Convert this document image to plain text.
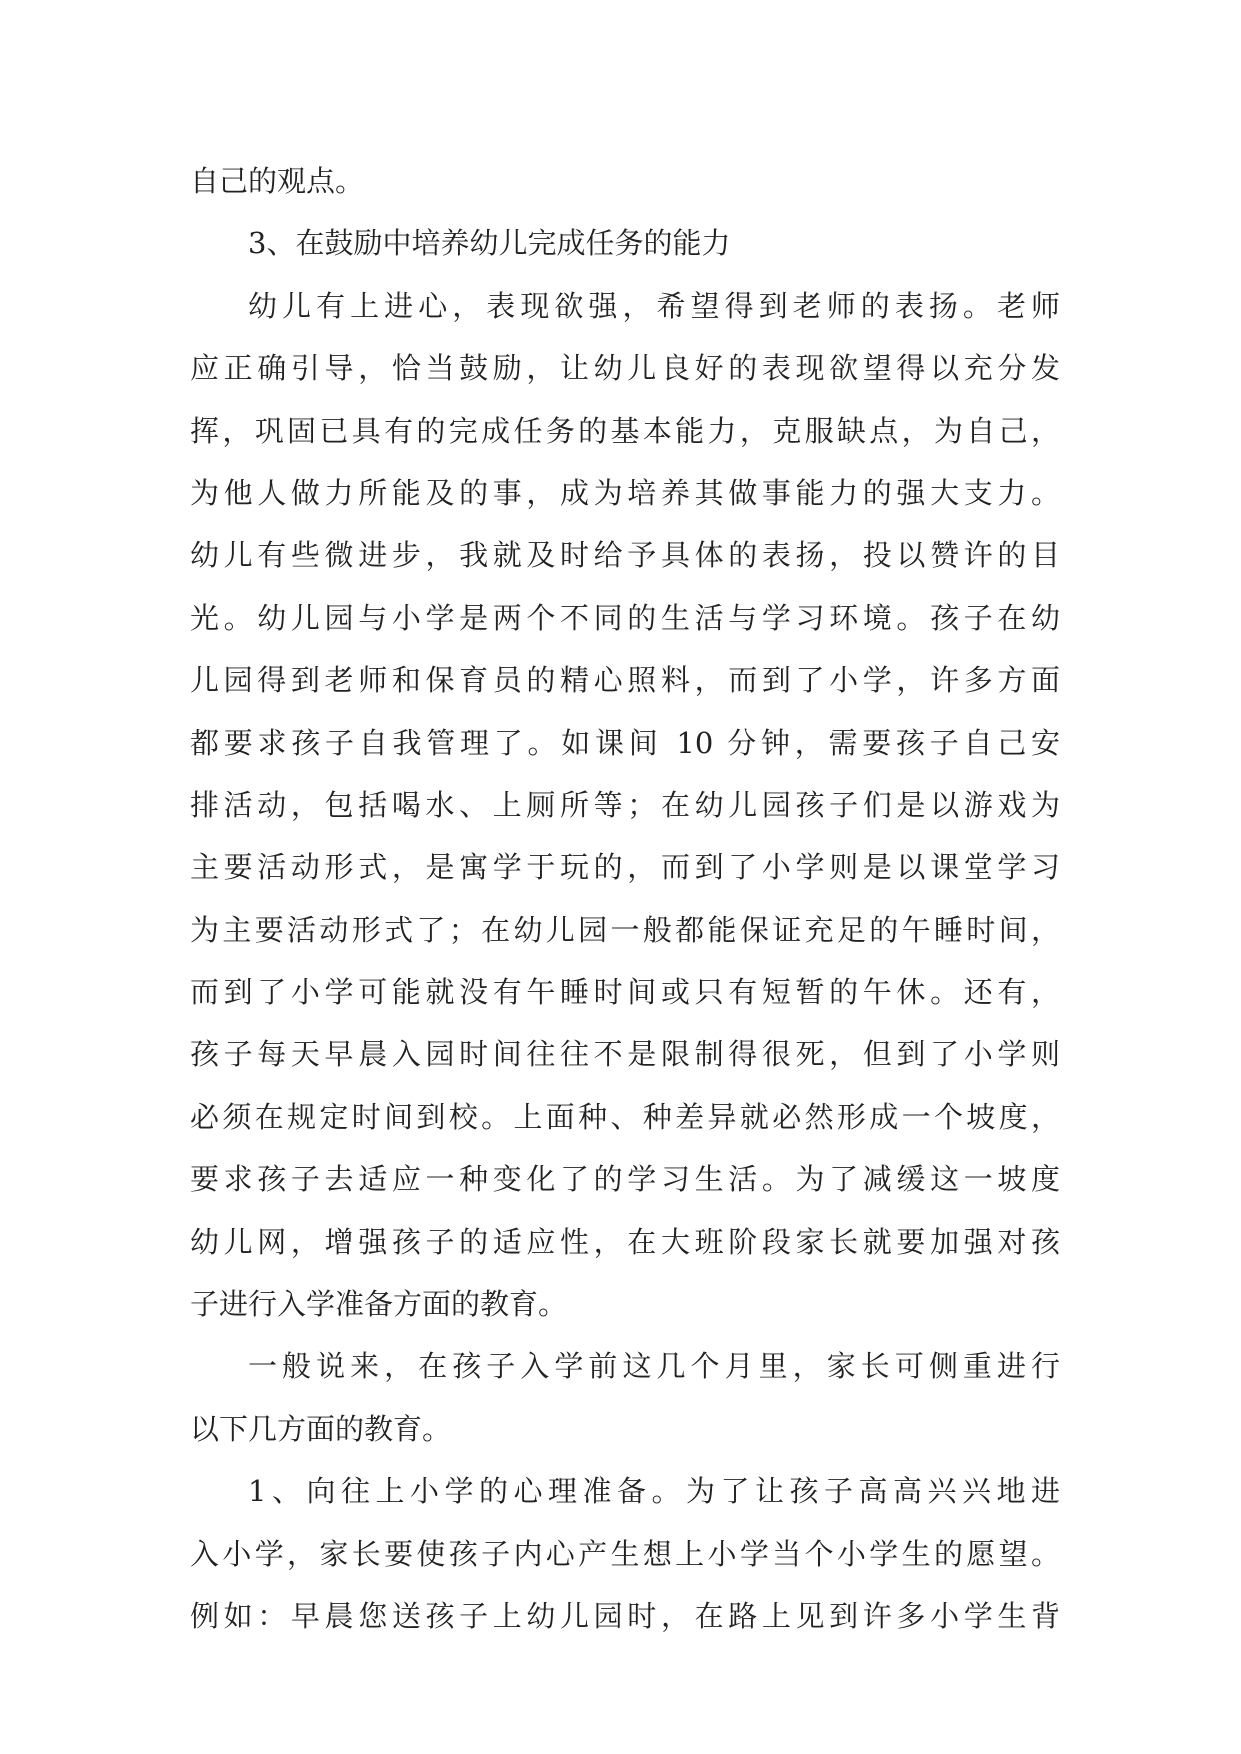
自己的观点。
3、在鼓励中培养幼儿完成任务的能力
幼儿有上进心，表现欲强，希望得到老师的表扬。老师
应正确引导，恰当鼓励，让幼儿良好的表现欲望得以充分发
挥，巩固已具有的完成任务的基本能力，克服缺点，为自己，
为他人做力所能及的事，成为培养其做事能力的强大支力。
幼儿有些微进步，我就及时给予具体的表扬，投以赞许的目
光。幼儿园与小学是两个不同的生活与学习环境。孩子在幼
儿园得到老师和保育员的精心照料，而到了小学，许多方面
都要求孩子自我管理了。如课间 10 分钟，需要孩子自己安
排活动，包括喝水、上厕所等；在幼儿园孩子们是以游戏为
主要活动形式，是寓学于玩的，而到了小学则是以课堂学习
为主要活动形式了；在幼儿园一般都能保证充足的午睡时间，
而到了小学可能就没有午睡时间或只有短暂的午休。还有，
孩子每天早晨入园时间往往不是限制得很死，但到了小学则
必须在规定时间到校。上面种、种差异就必然形成一个坡度，
要求孩子去适应一种变化了的学习生活。为了减缓这一坡度
幼儿网，增强孩子的适应性，在大班阶段家长就要加强对孩
子进行入学准备方面的教育。
一般说来，在孩子入学前这几个月里，家长可侧重进行
以下几方面的教育。
1、向往上小学的心理准备。为了让孩子高高兴兴地进
入小学，家长要使孩子内心产生想上小学当个小学生的愿望。
例如：早晨您送孩子上幼儿园时，在路上见到许多小学生背
